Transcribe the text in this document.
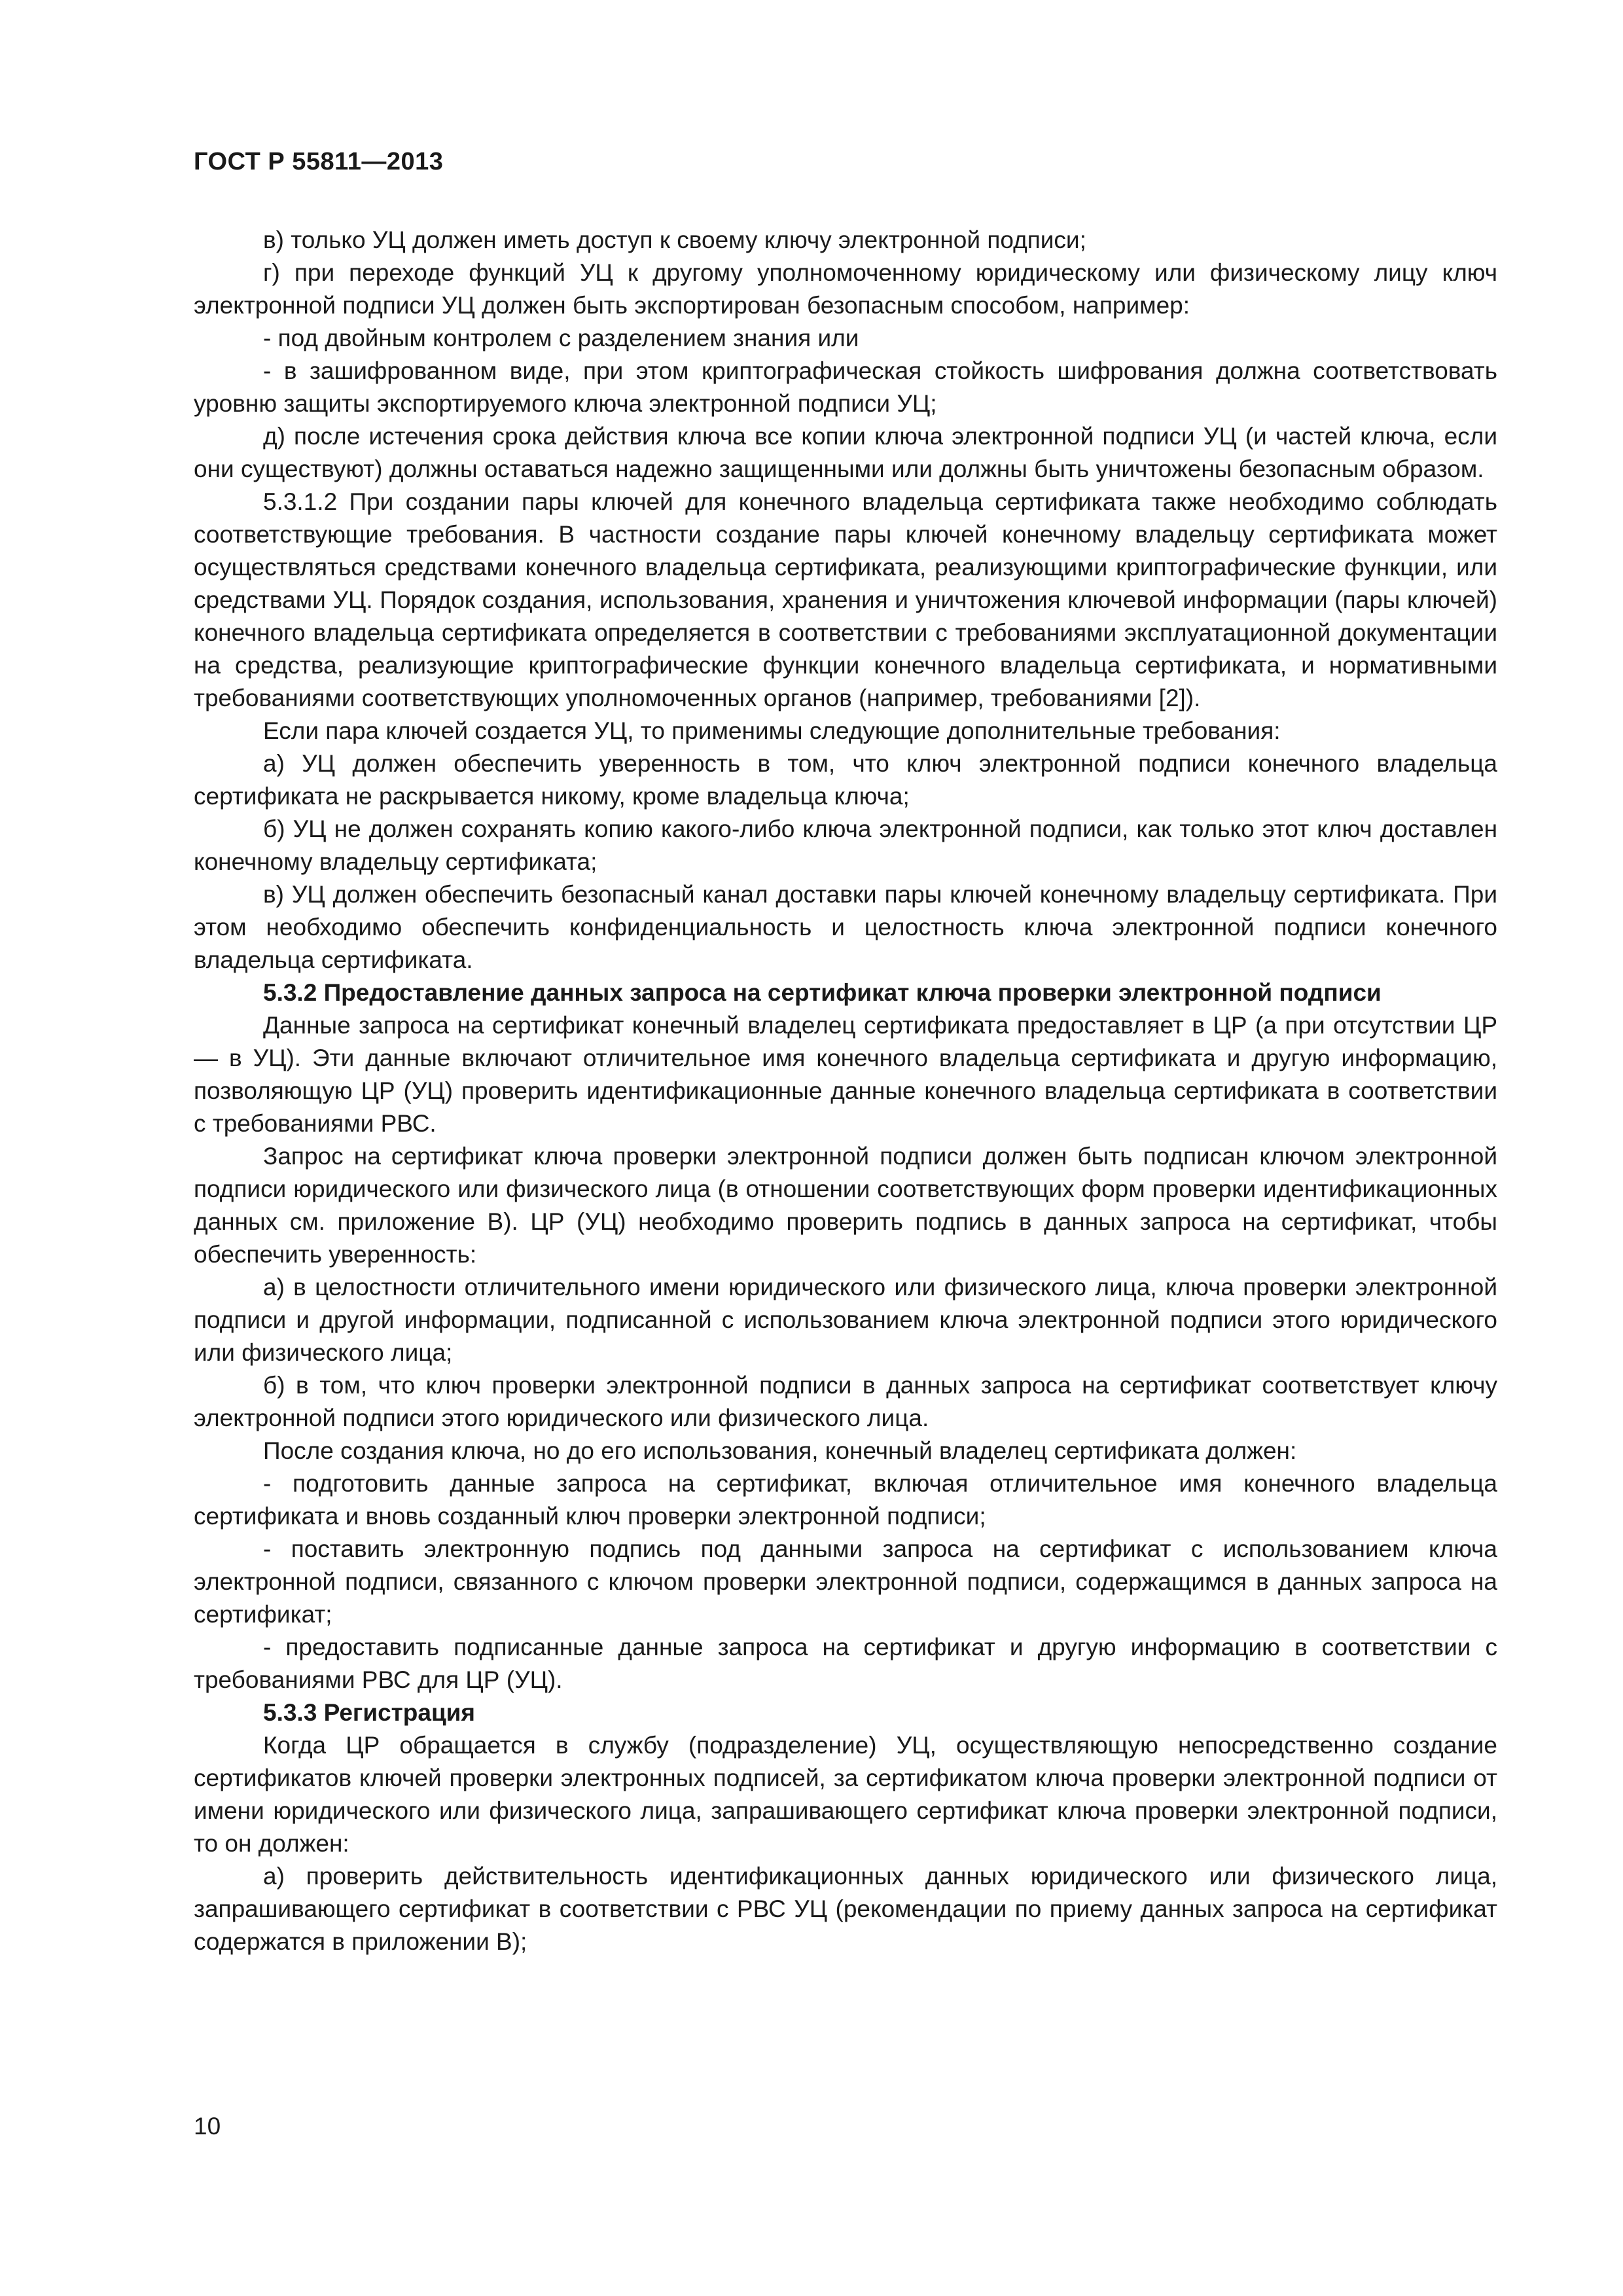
ГОСТ Р 55811—2013

в) только УЦ должен иметь доступ к своему ключу электронной подписи;

г) при переходе функций УЦ к другому уполномоченному юридическому или физическому лицу ключ электронной подписи УЦ должен быть экспортирован безопасным способом, например:

- под двойным контролем с разделением знания или

- в зашифрованном виде, при этом криптографическая стойкость шифрования должна соответствовать уровню защиты экспортируемого ключа электронной подписи УЦ;

д) после истечения срока действия ключа все копии ключа электронной подписи УЦ (и частей ключа, если они существуют) должны оставаться надежно защищенными или должны быть уничтожены безопасным образом.

5.3.1.2 При создании пары ключей для конечного владельца сертификата также необходимо соблюдать соответствующие требования. В частности создание пары ключей конечному владельцу сертификата может осуществляться средствами конечного владельца сертификата, реализующими криптографические функции, или средствами УЦ. Порядок создания, использования, хранения и уничтожения ключевой информации (пары ключей) конечного владельца сертификата определяется в соответствии с требованиями эксплуатационной документации на средства, реализующие криптографические функции конечного владельца сертификата, и нормативными требованиями соответствующих уполномоченных органов (например, требованиями [2]).

Если пара ключей создается УЦ, то применимы следующие дополнительные требования:

а) УЦ должен обеспечить уверенность в том, что ключ электронной подписи конечного владельца сертификата не раскрывается никому, кроме владельца ключа;

б) УЦ не должен сохранять копию какого-либо ключа электронной подписи, как только этот ключ доставлен конечному владельцу сертификата;

в) УЦ должен обеспечить безопасный канал доставки пары ключей конечному владельцу сертификата. При этом необходимо обеспечить конфиденциальность и целостность ключа электронной подписи конечного владельца сертификата.

5.3.2 Предоставление данных запроса на сертификат ключа проверки электронной подписи

Данные запроса на сертификат конечный владелец сертификата предоставляет в ЦР (а при отсутствии ЦР — в УЦ). Эти данные включают отличительное имя конечного владельца сертификата и другую информацию, позволяющую ЦР (УЦ) проверить идентификационные данные конечного владельца сертификата в соответствии с требованиями РВС.

Запрос на сертификат ключа проверки электронной подписи должен быть подписан ключом электронной подписи юридического или физического лица (в отношении соответствующих форм проверки идентификационных данных см. приложение В). ЦР (УЦ) необходимо проверить подпись в данных запроса на сертификат, чтобы обеспечить уверенность:

а) в целостности отличительного имени юридического или физического лица, ключа проверки электронной подписи и другой информации, подписанной с использованием ключа электронной подписи этого юридического или физического лица;

б) в том, что ключ проверки электронной подписи в данных запроса на сертификат соответствует ключу электронной подписи этого юридического или физического лица.

После создания ключа, но до его использования, конечный владелец сертификата должен:

- подготовить данные запроса на сертификат, включая отличительное имя конечного владельца сертификата и вновь созданный ключ проверки электронной подписи;

- поставить электронную подпись под данными запроса на сертификат с использованием ключа электронной подписи, связанного с ключом проверки электронной подписи, содержащимся в данных запроса на сертификат;

- предоставить подписанные данные запроса на сертификат и другую информацию в соответствии с требованиями РВС для ЦР (УЦ).

5.3.3 Регистрация

Когда ЦР обращается в службу (подразделение) УЦ, осуществляющую непосредственно создание сертификатов ключей проверки электронных подписей, за сертификатом ключа проверки электронной подписи от имени юридического или физического лица, запрашивающего сертификат ключа проверки электронной подписи, то он должен:

а) проверить действительность идентификационных данных юридического или физического лица, запрашивающего сертификат в соответствии с РВС УЦ (рекомендации по приему данных запроса на сертификат содержатся в приложении В);

10
